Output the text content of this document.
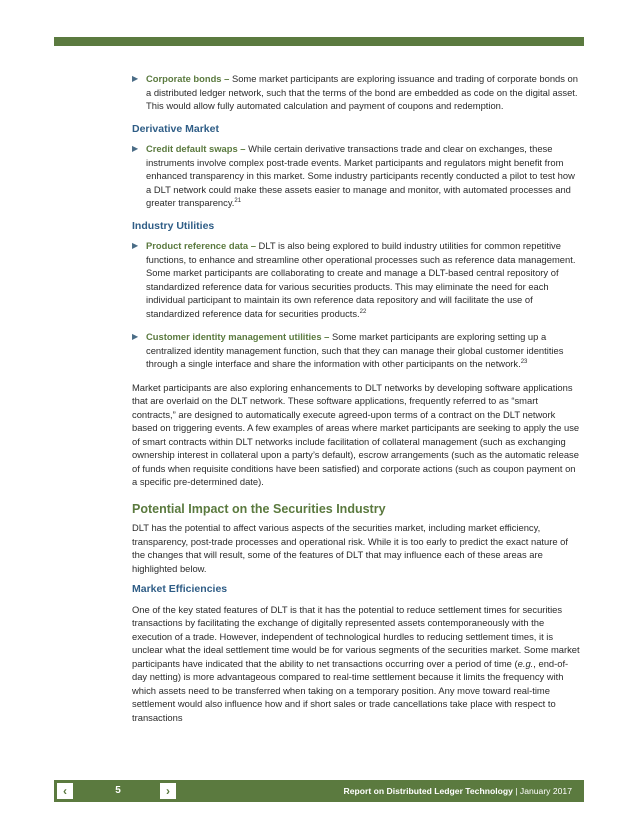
▶ Corporate bonds – Some market participants are exploring issuance and trading of corporate bonds on a distributed ledger network, such that the terms of the bond are embedded as code on the digital asset. This would allow fully automated calculation and payment of coupons and redemption.
Derivative Market
▶ Credit default swaps – While certain derivative transactions trade and clear on exchanges, these instruments involve complex post-trade events. Market participants and regulators might benefit from enhanced transparency in this market. Some industry participants recently conducted a pilot to test how a DLT network could make these assets easier to manage and monitor, with automated processes and greater transparency.$^{21}$
Industry Utilities
▶ Product reference data – DLT is also being explored to build industry utilities for common repetitive functions, to enhance and streamline other operational processes such as reference data management. Some market participants are collaborating to create and manage a DLT-based central repository of standardized reference data for various securities products. This may eliminate the need for each individual participant to maintain its own reference data repository and will facilitate the use of standardized reference data for securities products.$^{22}$
▶ Customer identity management utilities – Some market participants are exploring setting up a centralized identity management function, such that they can manage their global customer identities through a single interface and share the information with other participants on the network.$^{23}$

Market participants are also exploring enhancements to DLT networks by developing software applications that are overlaid on the DLT network. These software applications, frequently referred to as “smart contracts,” are designed to automatically execute agreed-upon terms of a contract on the DLT network based on triggering events. A few examples of areas where market participants are seeking to apply the use of smart contracts within DLT networks include facilitation of collateral management (such as exchanging ownership interest in collateral upon a party’s default), escrow arrangements (such as the automatic release of funds when requisite conditions have been satisfied) and corporate actions (such as coupon payment on a specific pre-determined date).

Potential Impact on the Securities Industry

DLT has the potential to affect various aspects of the securities market, including market efficiency, transparency, post-trade processes and operational risk. While it is too early to predict the exact nature of the changes that will result, some of the features of DLT that may influence each of these areas are highlighted below.

Market Efficiencies

One of the key stated features of DLT is that it has the potential to reduce settlement times for securities transactions by facilitating the exchange of digitally represented assets contemporaneously with the execution of a trade. However, independent of technological hurdles to reducing settlement times, it is unclear what the ideal settlement time would be for various segments of the securities market. Some market participants have indicated that the ability to net transactions occurring over a period of time (e.g., end-of-day netting) is more advantageous compared to real-time settlement because it limits the frequency with which assets need to be transferred when taking on a temporary position. Any move toward real-time settlement would also influence how and if short sales or trade cancellations take place with respect to transactions

‹	5	›	Report on Distributed Ledger Technology | January 2017
